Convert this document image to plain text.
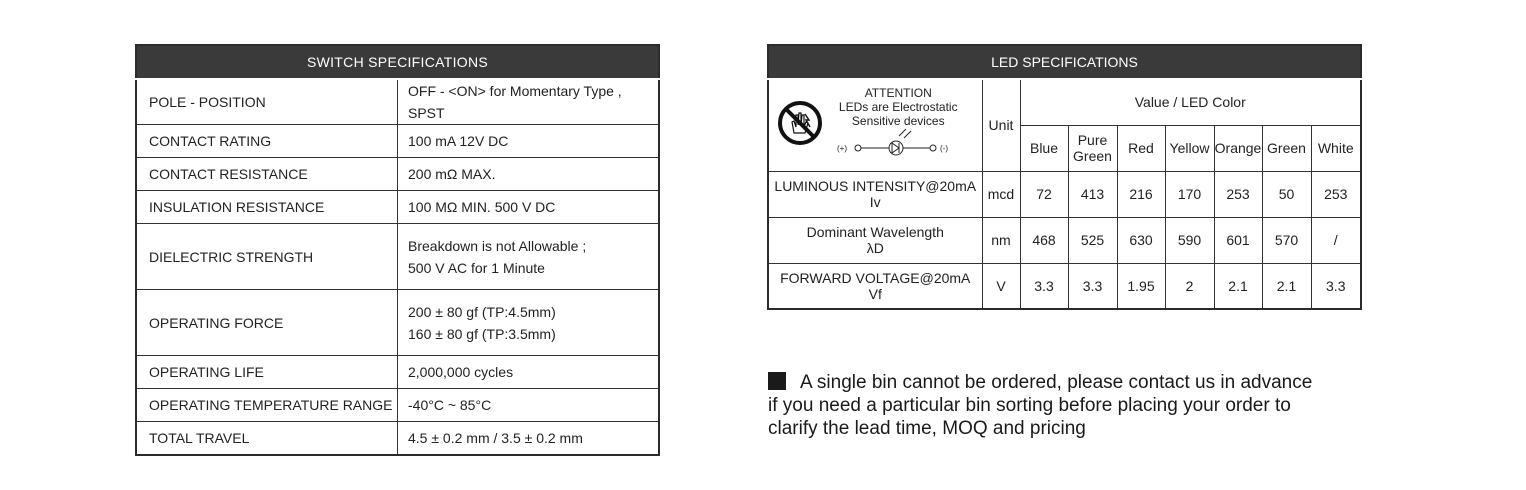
SWITCH SPECIFICATIONS	
POLE - POSITION	OFF - <ON> for Momentary Type , SPST

CONTACT RATING	100 mA 12V DC

CONTACT RESISTANCE	200 mΩ MAX.

INSULATION RESISTANCE	100 MΩ MIN. 500 V DC

DIELECTRIC STRENGTH	Breakdown is not Allowable ;
500 V AC for 1 Minute

OPERATING FORCE	200 ± 80 gf (TP:4.5mm)
160 ± 80 gf (TP:3.5mm)

OPERATING LIFE	2,000,000 cycles

OPERATING TEMPERATURE RANGE	-40°C ~ 85°C

TOTAL TRAVEL	4.5 ± 0.2 mm / 3.5 ± 0.2 mm
LED SPECIFICATIONS								

ATTENTION
LEDs are Electrostatic
Sensitive devices
(+) (-)	Unit	Value / LED Color						
		Blue	Pure Green	Red	Yellow	Orange	Green	White

LUMINOUS INTENSITY@20mA
Iv	mcd	72	413	216	170	253	50	253

Dominant Wavelength
λD	nm	468	525	630	590	601	570	/

FORWARD VOLTAGE@20mA
Vf	V	3.3	3.3	1.95	2	2.1	2.1	3.3
A single bin cannot be ordered, please contact us in advance
if you need a particular bin sorting before placing your order to
clarify the lead time, MOQ and pricing
